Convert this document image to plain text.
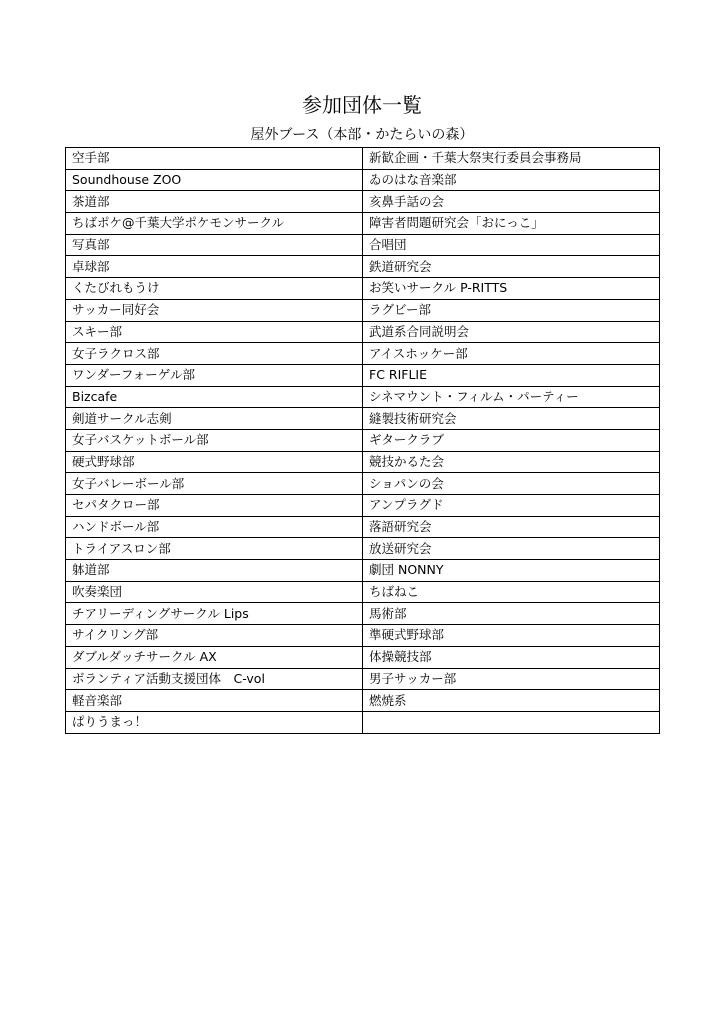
参加団体一覧
屋外ブース（本部・かたらいの森）
空手部	新歓企画・千葉大祭実行委員会事務局
Soundhouse ZOO	ゐのはな音楽部
茶道部	亥鼻手話の会
ちばポケ@千葉大学ポケモンサークル	障害者問題研究会「おにっこ」
写真部	合唱団
卓球部	鉄道研究会
くたびれもうけ	お笑いサークル P-RITTS
サッカー同好会	ラグビー部
スキー部	武道系合同説明会
女子ラクロス部	アイスホッケー部
ワンダーフォーゲル部	FC RIFLIE
Bizcafe	シネマウント・フィルム・パーティー
剣道サークル志剣	縫製技術研究会
女子バスケットボール部	ギタークラブ
硬式野球部	競技かるた会
女子バレーボール部	ショパンの会
セパタクロー部	アンプラグド
ハンドボール部	落語研究会
トライアスロン部	放送研究会
躰道部	劇団 NONNY
吹奏楽団	ちばねこ
チアリーディングサークル Lips	馬術部
サイクリング部	準硬式野球部
ダブルダッチサークル AX	体操競技部
ボランティア活動支援団体　C-vol	男子サッカー部
軽音楽部	燃焼系
ぱりうまっ！	
